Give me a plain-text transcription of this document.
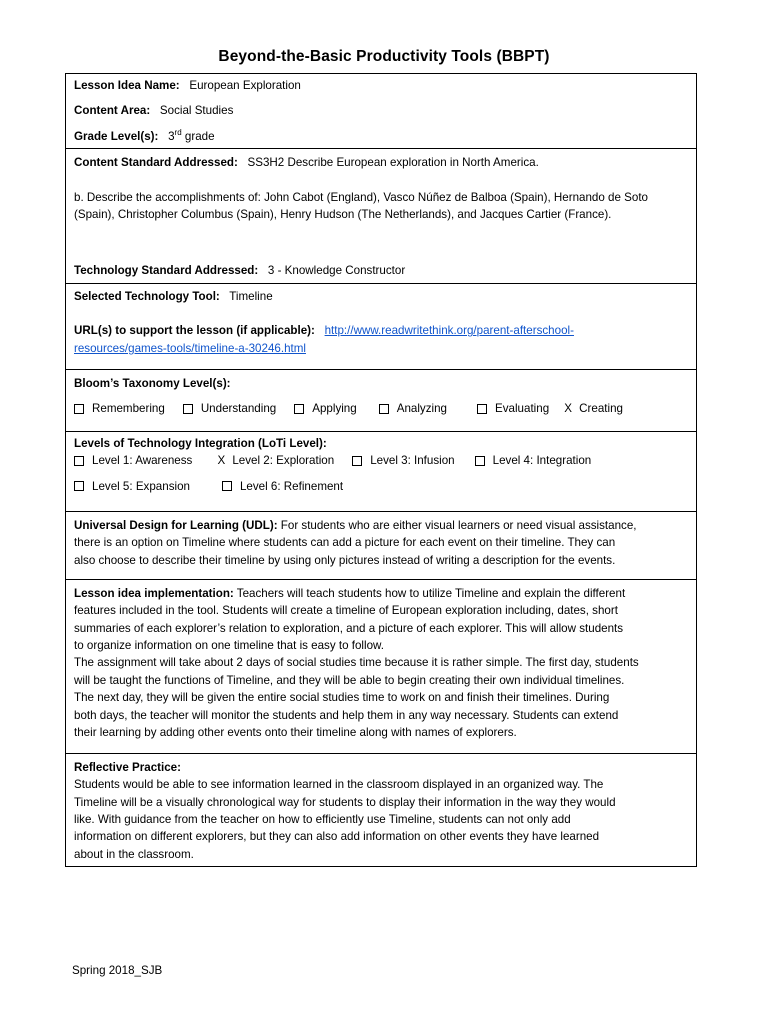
Beyond-the-Basic Productivity Tools (BBPT)
Lesson Idea Name: European Exploration
Content Area: Social Studies
Grade Level(s): 3rd grade

Content Standard Addressed: SS3H2 Describe European exploration in North America.
b. Describe the accomplishments of: John Cabot (England), Vasco Núñez de Balboa (Spain), Hernando de Soto
(Spain), Christopher Columbus (Spain), Henry Hudson (The Netherlands), and Jacques Cartier (France).
Technology Standard Addressed: 3 - Knowledge Constructor

Selected Technology Tool: Timeline
URL(s) to support the lesson (if applicable): http://www.readwritethink.org/parent-afterschool-
resources/games-tools/timeline-a-30246.html

Bloom’s Taxonomy Level(s):
Remembering	Understanding	Applying	Analyzing	Evaluating X Creating

Levels of Technology Integration (LoTi Level):
Level 1: Awareness X Level 2: Exploration	Level 3: Infusion	Level 4: Integration
Level 5: Expansion	Level 6: Refinement

Universal Design for Learning (UDL): For students who are either visual learners or need visual assistance,
there is an option on Timeline where students can add a picture for each event on their timeline. They can
also choose to describe their timeline by using only pictures instead of writing a description for the events.

Lesson idea implementation: Teachers will teach students how to utilize Timeline and explain the different
features included in the tool. Students will create a timeline of European exploration including, dates, short
summaries of each explorer’s relation to exploration, and a picture of each explorer. This will allow students
to organize information on one timeline that is easy to follow.
The assignment will take about 2 days of social studies time because it is rather simple. The first day, students
will be taught the functions of Timeline, and they will be able to begin creating their own individual timelines.
The next day, they will be given the entire social studies time to work on and finish their timelines. During
both days, the teacher will monitor the students and help them in any way necessary. Students can extend
their learning by adding other events onto their timeline along with names of explorers.

Reflective Practice:
Students would be able to see information learned in the classroom displayed in an organized way. The
Timeline will be a visually chronological way for students to display their information in the way they would
like. With guidance from the teacher on how to efficiently use Timeline, students can not only add
information on different explorers, but they can also add information on other events they have learned
about in the classroom.
Spring 2018_SJB
